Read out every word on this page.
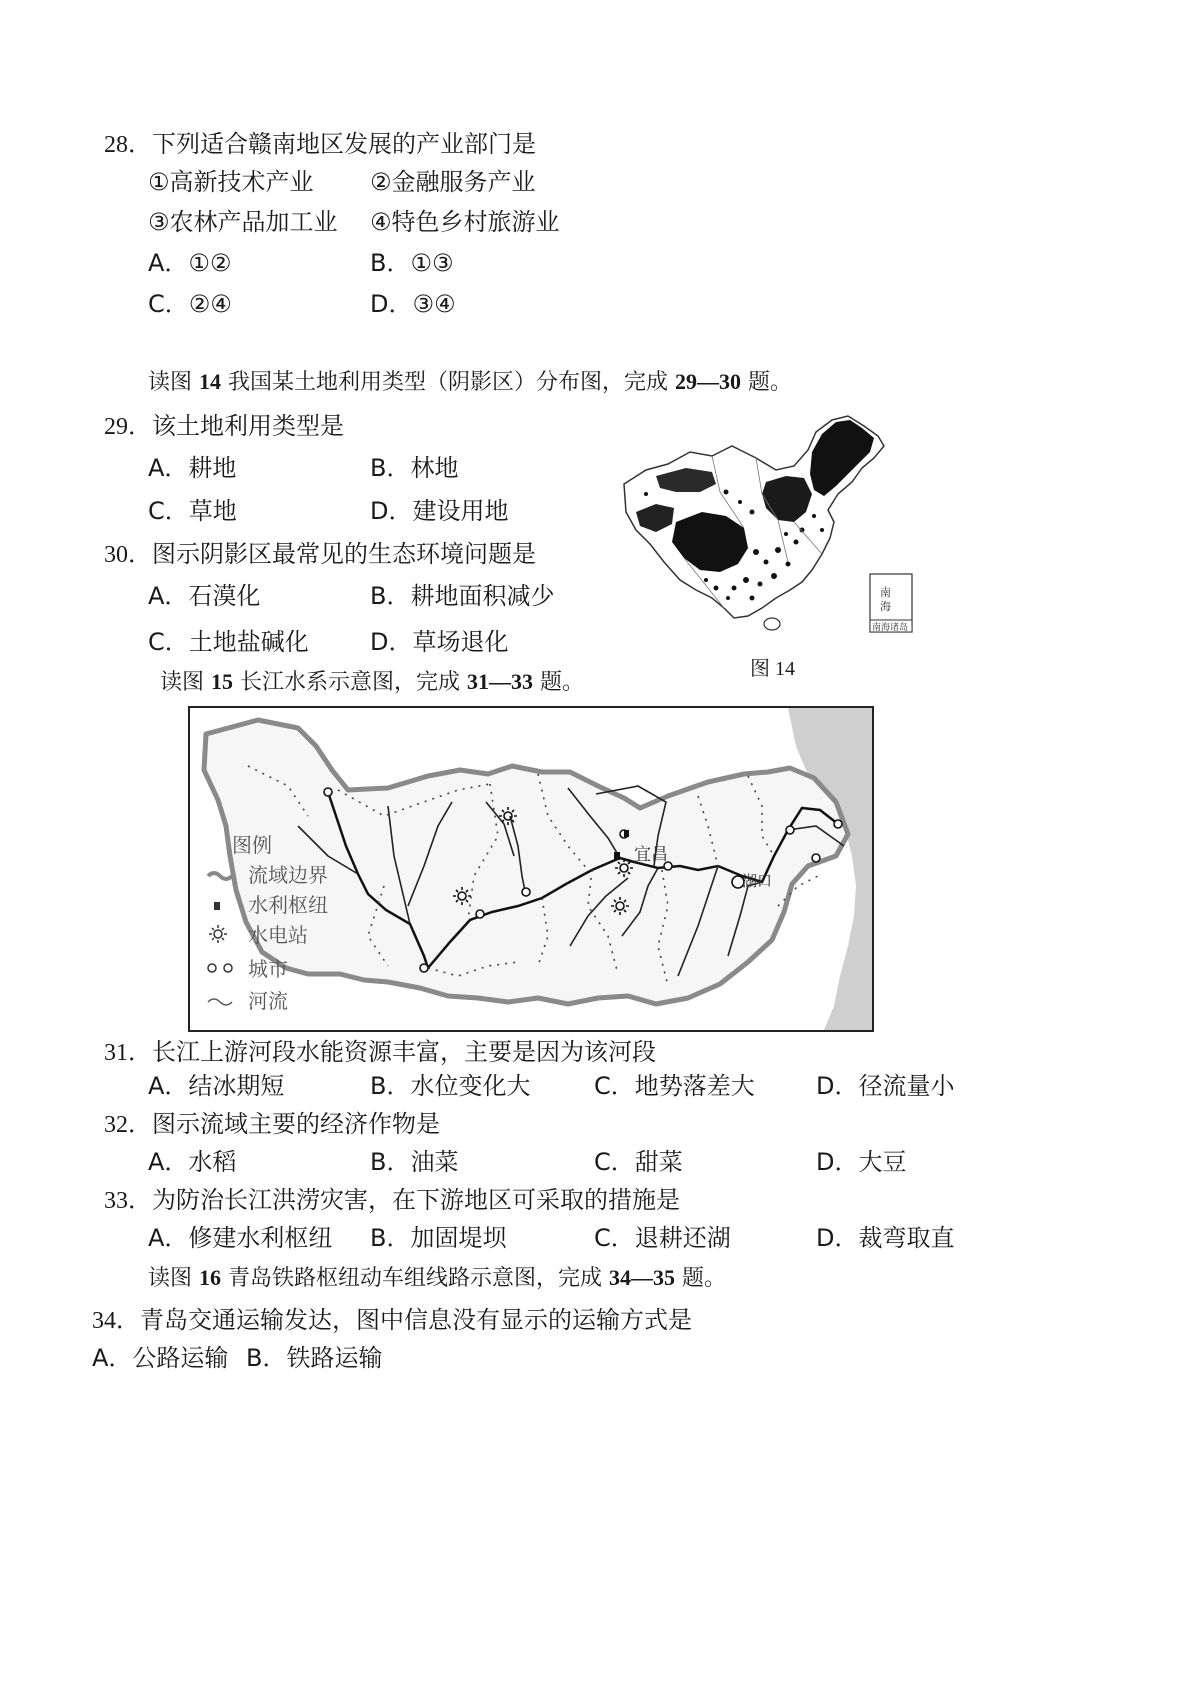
28．下列适合赣南地区发展的产业部门是
①高新技术产业 ②金融服务产业
③农林产品加工业 ④特色乡村旅游业
A．①②	B．①③
C．②④	D．③④
读图 14 我国某土地利用类型（阴影区）分布图，完成 29—30 题。
29．该土地利用类型是
A．耕地	B．林地
C．草地	D．建设用地
30．图示阴影区最常见的生态环境问题是
A．石漠化	B．耕地面积减少
C．土地盐碱化	D．草场退化
南
海
南海诸岛
图 14
读图 15 长江水系示意图，完成 31—33 题。
宜昌
湖口
图例
流域边界
水利枢纽
水电站
城市
河流
31．长江上游河段水能资源丰富，主要是因为该河段
A．结冰期短	B．水位变化大	C．地势落差大	D．径流量小
32．图示流域主要的经济作物是
A．水稻	B．油菜	C．甜菜	D．大豆
33．为防治长江洪涝灾害，在下游地区可采取的措施是
A．修建水利枢纽 B．加固堤坝	C．退耕还湖	D．裁弯取直
读图 16 青岛铁路枢纽动车组线路示意图，完成 34—35 题。
34．青岛交通运输发达，图中信息没有显示的运输方式是
A．公路运输 B．铁路运输
